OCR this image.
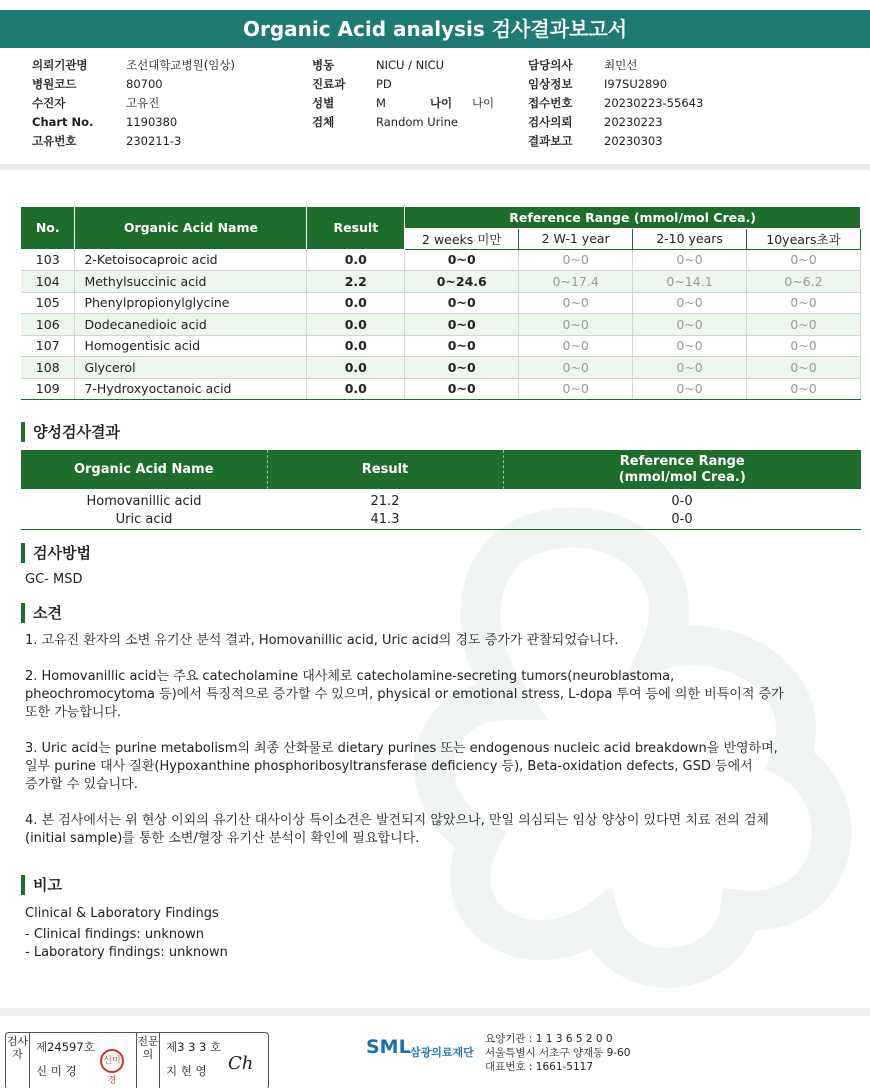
Organic Acid analysis 검사결과보고서
의뢰기관명	조선대학교병원(임상)
병원코드	80700
수진자	고유진
Chart No.	1190380
고유번호	230211-3
병동	NICU / NICU
진료과	PD
성별	M	나이 나이
검체	Random Urine
담당의사	최민선
임상정보	I97SU2890
접수번호	20230223-55643
검사의뢰	20230223
결과보고	20230303
No.	Organic Acid Name	Result	Reference Range (mmol/mol Crea.)			
			2 weeks 미만	2 W-1 year	2-10 years	10years초과
103	2-Ketoisocaproic acid	0.0	0~0	0~0	0~0	0~0
104	Methylsuccinic acid	2.2	0~24.6	0~17.4	0~14.1	0~6.2
105	Phenylpropionylglycine	0.0	0~0	0~0	0~0	0~0
106	Dodecanedioic acid	0.0	0~0	0~0	0~0	0~0
107	Homogentisic acid	0.0	0~0	0~0	0~0	0~0
108	Glycerol	0.0	0~0	0~0	0~0	0~0
109	7-Hydroxyoctanoic acid	0.0	0~0	0~0	0~0	0~0
양성검사결과
Organic Acid Name	Result	Reference Range
(mmol/mol Crea.)
Homovanillic acid	21.2	0-0
Uric acid	41.3	0-0
검사방법
GC- MSD
소견
1. 고유진 환자의 소변 유기산 분석 결과, Homovanillic acid, Uric acid의 경도 증가가 관찰되었습니다.
2. Homovanillic acid는 주요 catecholamine 대사체로 catecholamine-secreting tumors(neuroblastoma,
pheochromocytoma 등)에서 특징적으로 증가할 수 있으며, physical or emotional stress, L-dopa 투여 등에 의한 비특이적 증가
또한 가능합니다.
3. Uric acid는 purine metabolism의 최종 산화물로 dietary purines 또는 endogenous nucleic acid breakdown을 반영하며,
일부 purine 대사 질환(Hypoxanthine phosphoribosyltransferase deficiency 등), Beta-oxidation defects, GSD 등에서
증가할 수 있습니다.
4. 본 검사에서는 위 현상 이외의 유기산 대사이상 특이소견은 발견되지 않았으나, 만일 의심되는 임상 양상이 있다면 치료 전의 검체
(initial sample)를 통한 소변/혈장 유기산 분석이 확인에 필요합니다.
비고
Clinical & Laboratory Findings
- Clinical findings: unknown
- Laboratory findings: unknown
검사자
제24597호
신 미 경
신미경
전문의
제3 3 3 호
지 현 영 Ch
SML 삼광의료재단
요양기관 : 1 1 3 6 5 2 0 0
서울특별시 서초구 양재동 9-60
대표번호 : 1661-5117
